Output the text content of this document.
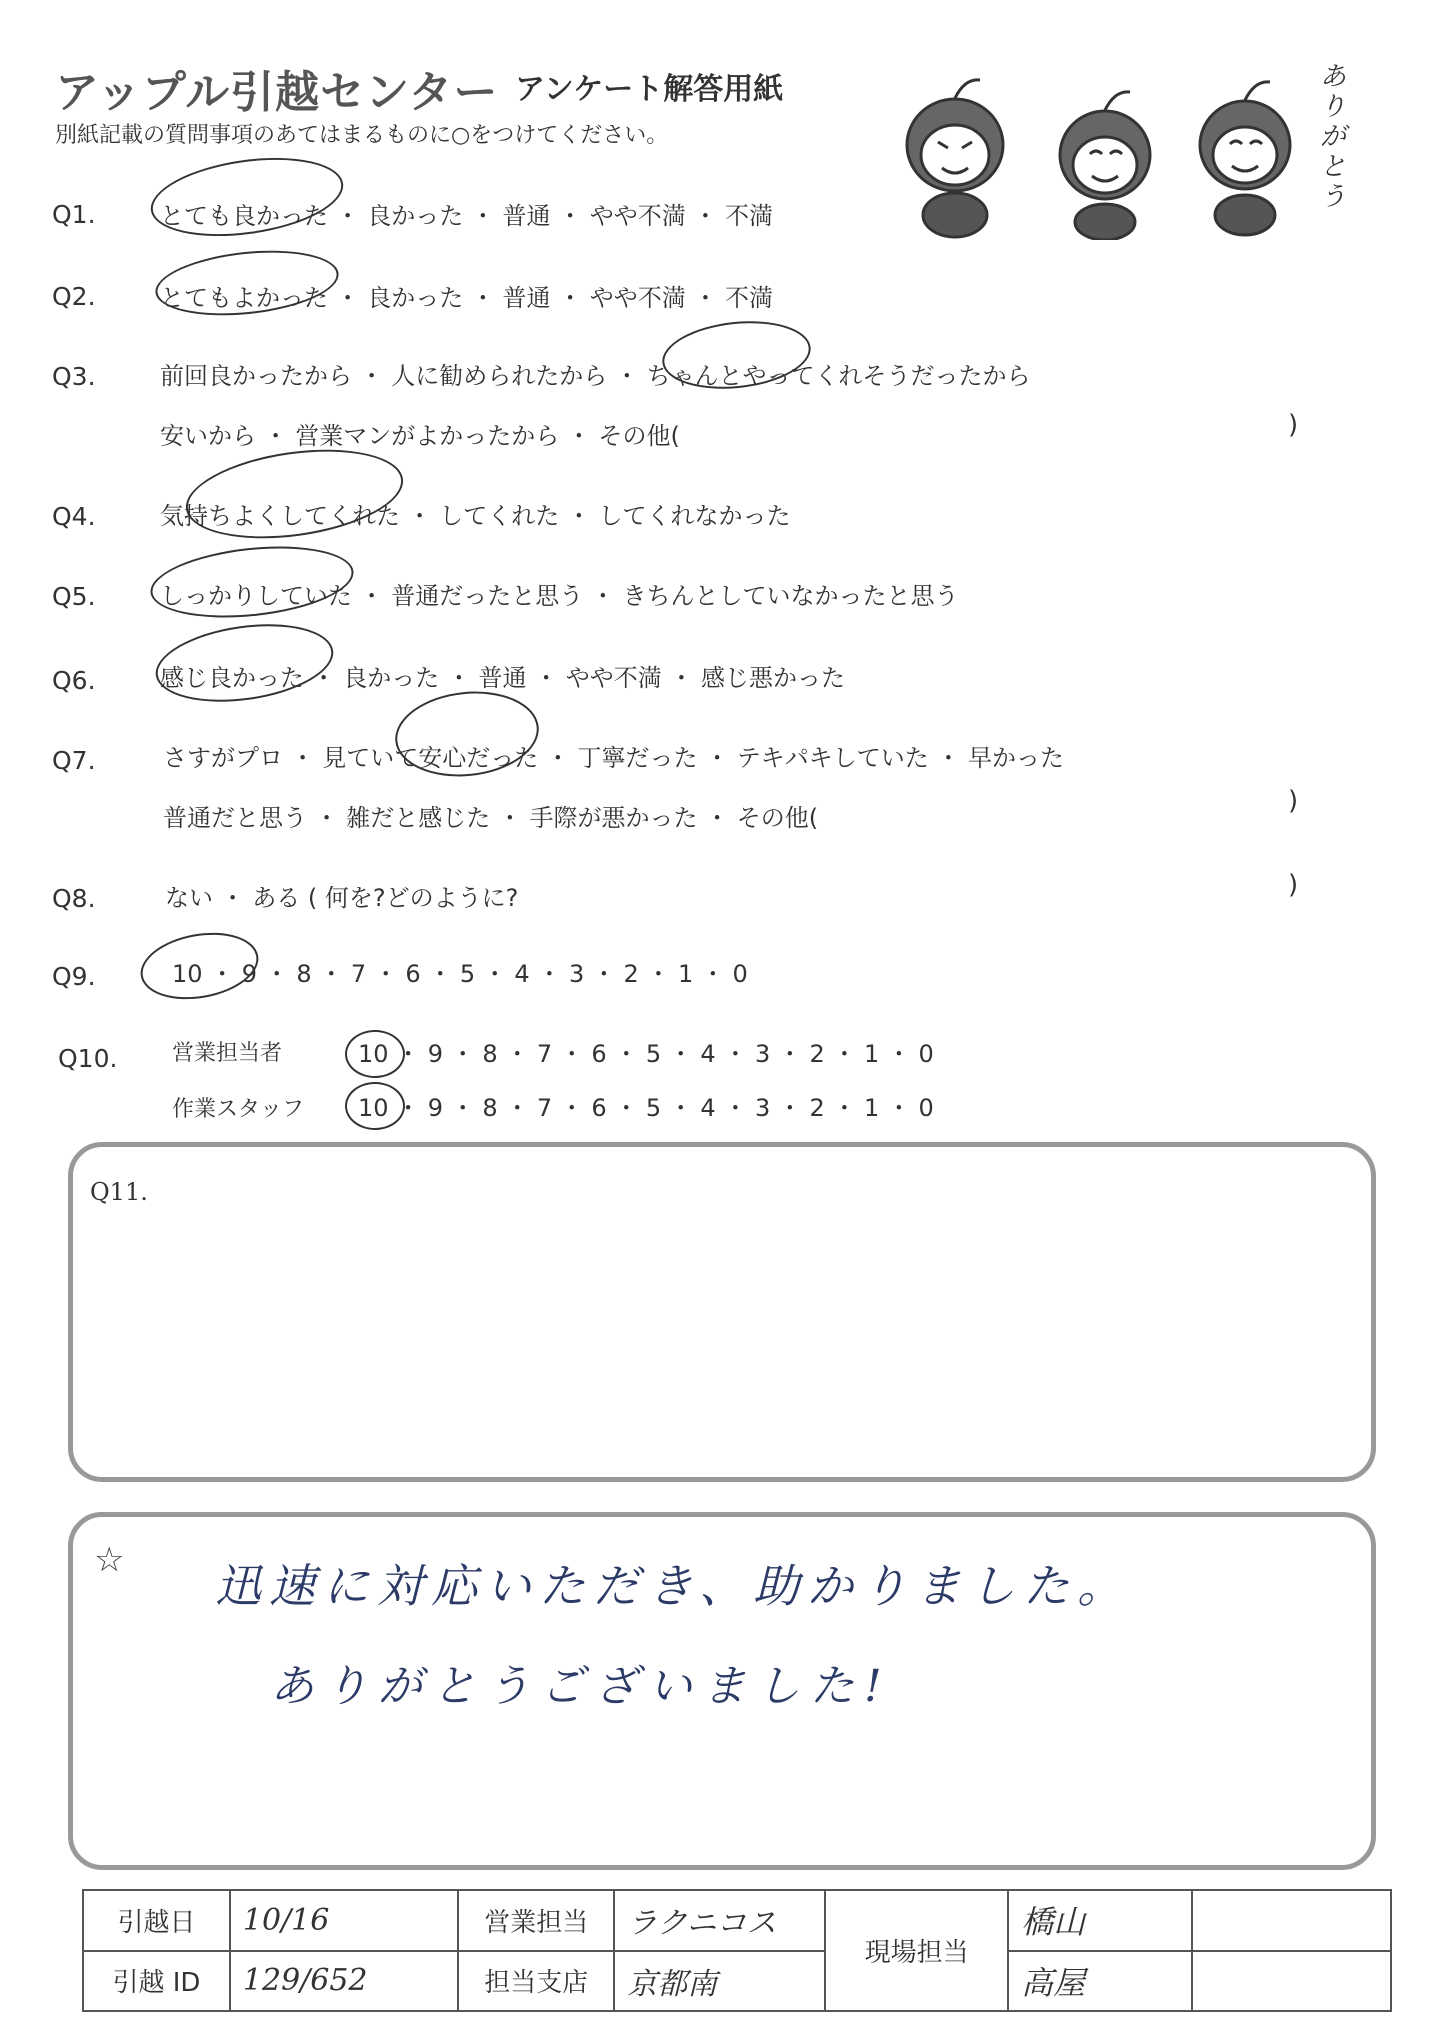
アップル引越センター アンケート解答用紙
別紙記載の質問事項のあてはまるものに○をつけてください。
ありがとう
Q1.	とても良かった ・ 良かった ・ 普通 ・ やや不満 ・ 不満
Q2.	とてもよかった ・ 良かった ・ 普通 ・ やや不満 ・ 不満
Q3.	前回良かったから ・ 人に勧められたから ・ ちゃんとやってくれそうだったから
安いから ・ 営業マンがよかったから ・ その他(	)
Q4.	気持ちよくしてくれた ・ してくれた ・ してくれなかった
Q5.	しっかりしていた ・ 普通だったと思う ・ きちんとしていなかったと思う
Q6.	感じ良かった ・ 良かった ・ 普通 ・ やや不満 ・ 感じ悪かった
Q7.	さすがプロ ・ 見ていて安心だった ・ 丁寧だった ・ テキパキしていた ・ 早かった
普通だと思う ・ 雑だと感じた ・ 手際が悪かった ・ その他(
)
Q8.	ない ・ ある ( 何を?どのように?	)
Q9.	10 ・ 9 ・ 8 ・ 7 ・ 6 ・ 5 ・ 4 ・ 3 ・ 2 ・ 1 ・ 0
Q10. 営業担当者	10 ・ 9 ・ 8 ・ 7 ・ 6 ・ 5 ・ 4 ・ 3 ・ 2 ・ 1 ・ 0
作業スタッフ 10 ・ 9 ・ 8 ・ 7 ・ 6 ・ 5 ・ 4 ・ 3 ・ 2 ・ 1 ・ 0
Q11.
☆ 迅速に対応いただき、助かりました。
ありがとうございました!
引越日	10/16	営業担当	ラクニコス	現場担当	橋山	
引越 ID	129/652	担当支店	京都南		高屋	
